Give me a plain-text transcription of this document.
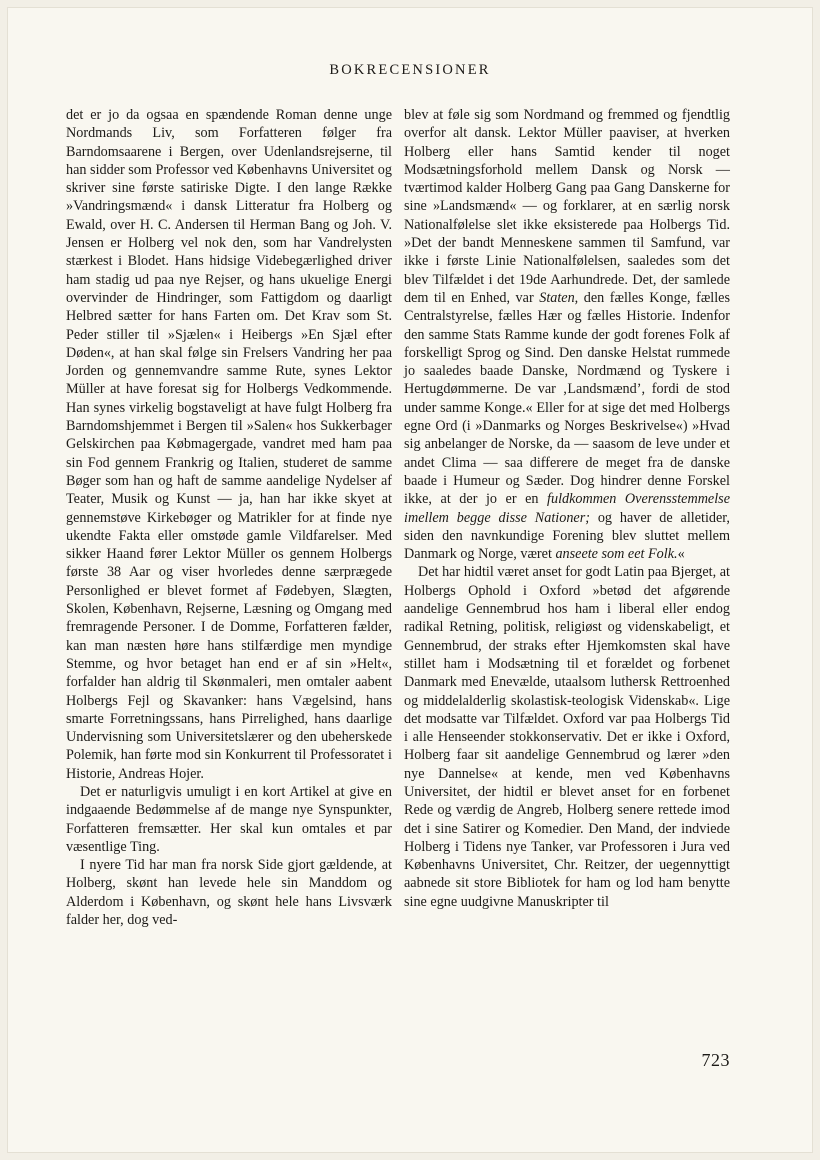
BOKRECENSIONER

det er jo da ogsaa en spændende Roman denne unge Nordmands Liv, som Forfatteren følger fra Barndomsaarene i Bergen, over Udenlandsrejserne, til han sidder som Professor ved Københavns Universitet og skriver sine første satiriske Digte. I den lange Række »Vandringsmænd« i dansk Litteratur fra Holberg og Ewald, over H. C. Andersen til Herman Bang og Joh. V. Jensen er Holberg vel nok den, som har Vandrelysten stærkest i Blodet. Hans hidsige Videbegærlighed driver ham stadig ud paa nye Rejser, og hans ukuelige Energi overvinder de Hindringer, som Fattigdom og daarligt Helbred sætter for hans Farten om. Det Krav som St. Peder stiller til »Sjælen« i Heibergs »En Sjæl efter Døden«, at han skal følge sin Frelsers Vandring her paa Jorden og gennemvandre samme Rute, synes Lektor Müller at have foresat sig for Holbergs Vedkommende. Han synes virkelig bogstaveligt at have fulgt Holberg fra Barndomshjemmet i Bergen til »Salen« hos Sukkerbager Gelskirchen paa Købmagergade, vandret med ham paa sin Fod gennem Frankrig og Italien, studeret de samme Bøger som han og haft de samme aandelige Nydelser af Teater, Musik og Kunst — ja, han har ikke skyet at gennemstøve Kirkebøger og Matrikler for at finde nye ukendte Fakta eller omstøde gamle Vildfarelser. Med sikker Haand fører Lektor Müller os gennem Holbergs første 38 Aar og viser hvorledes denne særprægede Personlighed er blevet formet af Fødebyen, Slægten, Skolen, København, Rejserne, Læsning og Omgang med fremragende Personer. I de Domme, Forfatteren fælder, kan man næsten høre hans stilfærdige men myndige Stemme, og hvor betaget han end er af sin »Helt«, forfalder han aldrig til Skønmaleri, men omtaler aabent Holbergs Fejl og Skavanker: hans Vægelsind, hans smarte Forretningssans, hans Pirrelighed, hans daarlige Undervisning som Universitetslærer og den ubeherskede Polemik, han førte mod sin Konkurrent til Professoratet i Historie, Andreas Hojer.

Det er naturligvis umuligt i en kort Artikel at give en indgaaende Bedømmelse af de mange nye Synspunkter, Forfatteren fremsætter. Her skal kun omtales et par væsentlige Ting.

I nyere Tid har man fra norsk Side gjort gældende, at Holberg, skønt han levede hele sin Manddom og Alderdom i København, og skønt hele hans Livsværk falder her, dog ved-

blev at føle sig som Nordmand og fremmed og fjendtlig overfor alt dansk. Lektor Müller paaviser, at hverken Holberg eller hans Samtid kender til noget Modsætningsforhold mellem Dansk og Norsk — tværtimod kalder Holberg Gang paa Gang Danskerne for sine »Landsmænd« — og forklarer, at en særlig norsk Nationalfølelse slet ikke eksisterede paa Holbergs Tid. »Det der bandt Menneskene sammen til Samfund, var ikke i første Linie Nationalfølelsen, saaledes som det blev Tilfældet i det 19de Aarhundrede. Det, der samlede dem til en Enhed, var Staten, den fælles Konge, fælles Centralstyrelse, fælles Hær og fælles Historie. Indenfor den samme Stats Ramme kunde der godt forenes Folk af forskelligt Sprog og Sind. Den danske Helstat rummede jo saaledes baade Danske, Nordmænd og Tyskere i Hertugdømmerne. De var ‚Landsmænd’, fordi de stod under samme Konge.« Eller for at sige det med Holbergs egne Ord (i »Danmarks og Norges Beskrivelse«) »Hvad sig anbelanger de Norske, da — saasom de leve under et andet Clima — saa differere de meget fra de danske baade i Humeur og Sæder. Dog hindrer denne Forskel ikke, at der jo er en fuldkommen Overensstemmelse imellem begge disse Nationer; og haver de alletider, siden den navnkundige Forening blev sluttet mellem Danmark og Norge, været anseete som eet Folk.«

Det har hidtil været anset for godt Latin paa Bjerget, at Holbergs Ophold i Oxford »betød det afgørende aandelige Gennembrud hos ham i liberal eller endog radikal Retning, politisk, religiøst og videnskabeligt, et Gennembrud, der straks efter Hjemkomsten skal have stillet ham i Modsætning til et forældet og forbenet Danmark med Enevælde, utaalsom luthersk Rettroenhed og middelalderlig skolastisk-teologisk Videnskab«. Lige det modsatte var Tilfældet. Oxford var paa Holbergs Tid i alle Henseender stokkonservativ. Det er ikke i Oxford, Holberg faar sit aandelige Gennembrud og lærer »den nye Dannelse« at kende, men ved Københavns Universitet, der hidtil er blevet anset for en forbenet Rede og værdig de Angreb, Holberg senere rettede imod det i sine Satirer og Komedier. Den Mand, der indviede Holberg i Tidens nye Tanker, var Professoren i Jura ved Københavns Universitet, Chr. Reitzer, der uegennyttigt aabnede sit store Bibliotek for ham og lod ham benytte sine egne uudgivne Manuskripter til

723
